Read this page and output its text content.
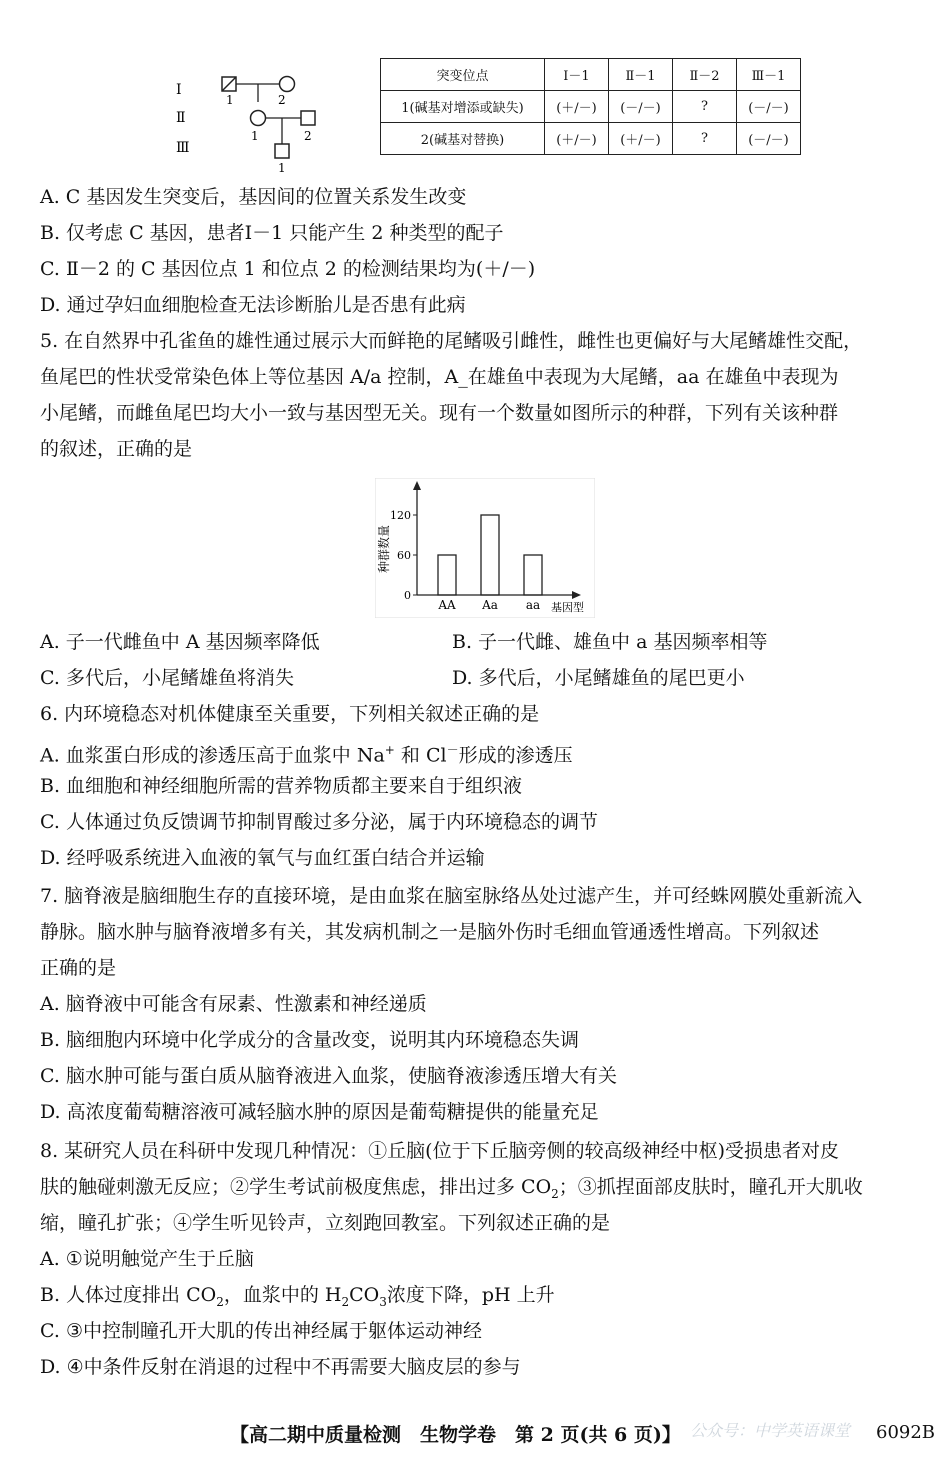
Ⅰ
Ⅱ
Ⅲ
1	2
1	2
1
突变位点	Ⅰ－1	Ⅱ－1	Ⅱ－2	Ⅲ－1
1(碱基对增添或缺失)	(＋/－)	(－/－)	?	(－/－)
2(碱基对替换)	(＋/－)	(＋/－)	?	(－/－)
A. C 基因发生突变后，基因间的位置关系发生改变
B. 仅考虑 C 基因，患者Ⅰ－1 只能产生 2 种类型的配子
C. Ⅱ－2 的 C 基因位点 1 和位点 2 的检测结果均为(＋/－)
D. 通过孕妇血细胞检查无法诊断胎儿是否患有此病
5. 在自然界中孔雀鱼的雄性通过展示大而鲜艳的尾鳍吸引雌性，雌性也更偏好与大尾鳍雄性交配，
鱼尾巴的性状受常染色体上等位基因 A/a 控制，A_在雄鱼中表现为大尾鳍，aa 在雄鱼中表现为
小尾鳍，而雌鱼尾巴均大小一致与基因型无关。现有一个数量如图所示的种群，下列有关该种群
的叙述，正确的是
种群数量
基因型
0
60
120
AA Aa aa
A. 子一代雌鱼中 A 基因频率降低	B. 子一代雌、雄鱼中 a 基因频率相等
C. 多代后，小尾鳍雄鱼将消失	D. 多代后，小尾鳍雄鱼的尾巴更小
6. 内环境稳态对机体健康至关重要，下列相关叙述正确的是
A. 血浆蛋白形成的渗透压高于血浆中 Na+ 和 Cl－形成的渗透压
B. 血细胞和神经细胞所需的营养物质都主要来自于组织液
C. 人体通过负反馈调节抑制胃酸过多分泌，属于内环境稳态的调节
D. 经呼吸系统进入血液的氧气与血红蛋白结合并运输
7. 脑脊液是脑细胞生存的直接环境，是由血浆在脑室脉络丛处过滤产生，并可经蛛网膜处重新流入
静脉。脑水肿与脑脊液增多有关，其发病机制之一是脑外伤时毛细血管通透性增高。下列叙述
正确的是
A. 脑脊液中可能含有尿素、性激素和神经递质
B. 脑细胞内环境中化学成分的含量改变，说明其内环境稳态失调
C. 脑水肿可能与蛋白质从脑脊液进入血浆，使脑脊液渗透压增大有关
D. 高浓度葡萄糖溶液可减轻脑水肿的原因是葡萄糖提供的能量充足
8. 某研究人员在科研中发现几种情况：①丘脑(位于下丘脑旁侧的较高级神经中枢)受损患者对皮
肤的触碰刺激无反应；②学生考试前极度焦虑，排出过多 $CO_2$；③抓捏面部皮肤时，瞳孔开大肌收
缩，瞳孔扩张；④学生听见铃声，立刻跑回教室。下列叙述正确的是
A. ①说明触觉产生于丘脑
B. 人体过度排出 $CO_2$，血浆中的 $H_2CO_3$浓度下降，pH 上升
C. ③中控制瞳孔开大肌的传出神经属于躯体运动神经
D. ④中条件反射在消退的过程中不再需要大脑皮层的参与
公众号：中学英语课堂
【高二期中质量检测　生物学卷　第 2 页(共 6 页)】	6092B
